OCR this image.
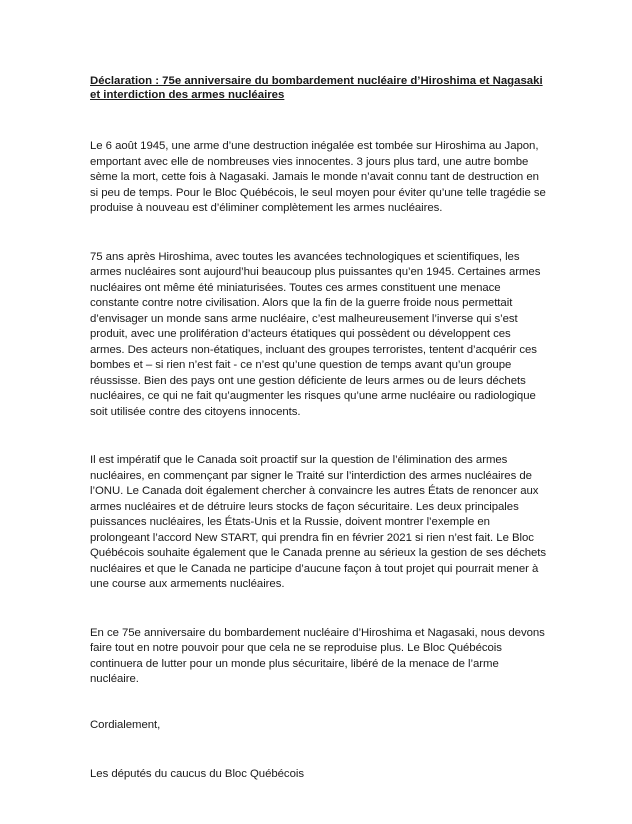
Déclaration : 75e anniversaire du bombardement nucléaire d’Hiroshima et Nagasaki et interdiction des armes nucléaires

Le 6 août 1945, une arme d’une destruction inégalée est tombée sur Hiroshima au Japon, emportant avec elle de nombreuses vies innocentes. 3 jours plus tard, une autre bombe sème la mort, cette fois à Nagasaki. Jamais le monde n’avait connu tant de destruction en si peu de temps. Pour le Bloc Québécois, le seul moyen pour éviter qu’une telle tragédie se produise à nouveau est d’éliminer complètement les armes nucléaires.

75 ans après Hiroshima, avec toutes les avancées technologiques et scientifiques, les armes nucléaires sont aujourd’hui beaucoup plus puissantes qu’en 1945. Certaines armes nucléaires ont même été miniaturisées. Toutes ces armes constituent une menace constante contre notre civilisation. Alors que la fin de la guerre froide nous permettait d’envisager un monde sans arme nucléaire, c’est malheureusement l’inverse qui s’est produit, avec une prolifération d’acteurs étatiques qui possèdent ou développent ces armes. Des acteurs non-étatiques, incluant des groupes terroristes, tentent d’acquérir ces bombes et – si rien n’est fait - ce n’est qu’une question de temps avant qu’un groupe réussisse. Bien des pays ont une gestion déficiente de leurs armes ou de leurs déchets nucléaires, ce qui ne fait qu’augmenter les risques qu’une arme nucléaire ou radiologique soit utilisée contre des citoyens innocents.

Il est impératif que le Canada soit proactif sur la question de l’élimination des armes nucléaires, en commençant par signer le Traité sur l’interdiction des armes nucléaires de l’ONU. Le Canada doit également chercher à convaincre les autres États de renoncer aux armes nucléaires et de détruire leurs stocks de façon sécuritaire. Les deux principales puissances nucléaires, les États-Unis et la Russie, doivent montrer l’exemple en prolongeant l’accord New START, qui prendra fin en février 2021 si rien n’est fait. Le Bloc Québécois souhaite également que le Canada prenne au sérieux la gestion de ses déchets nucléaires et que le Canada ne participe d’aucune façon à tout projet qui pourrait mener à une course aux armements nucléaires.

En ce 75e anniversaire du bombardement nucléaire d’Hiroshima et Nagasaki, nous devons faire tout en notre pouvoir pour que cela ne se reproduise plus. Le Bloc Québécois continuera de lutter pour un monde plus sécuritaire, libéré de la menace de l’arme nucléaire.

Cordialement,

Les députés du caucus du Bloc Québécois
